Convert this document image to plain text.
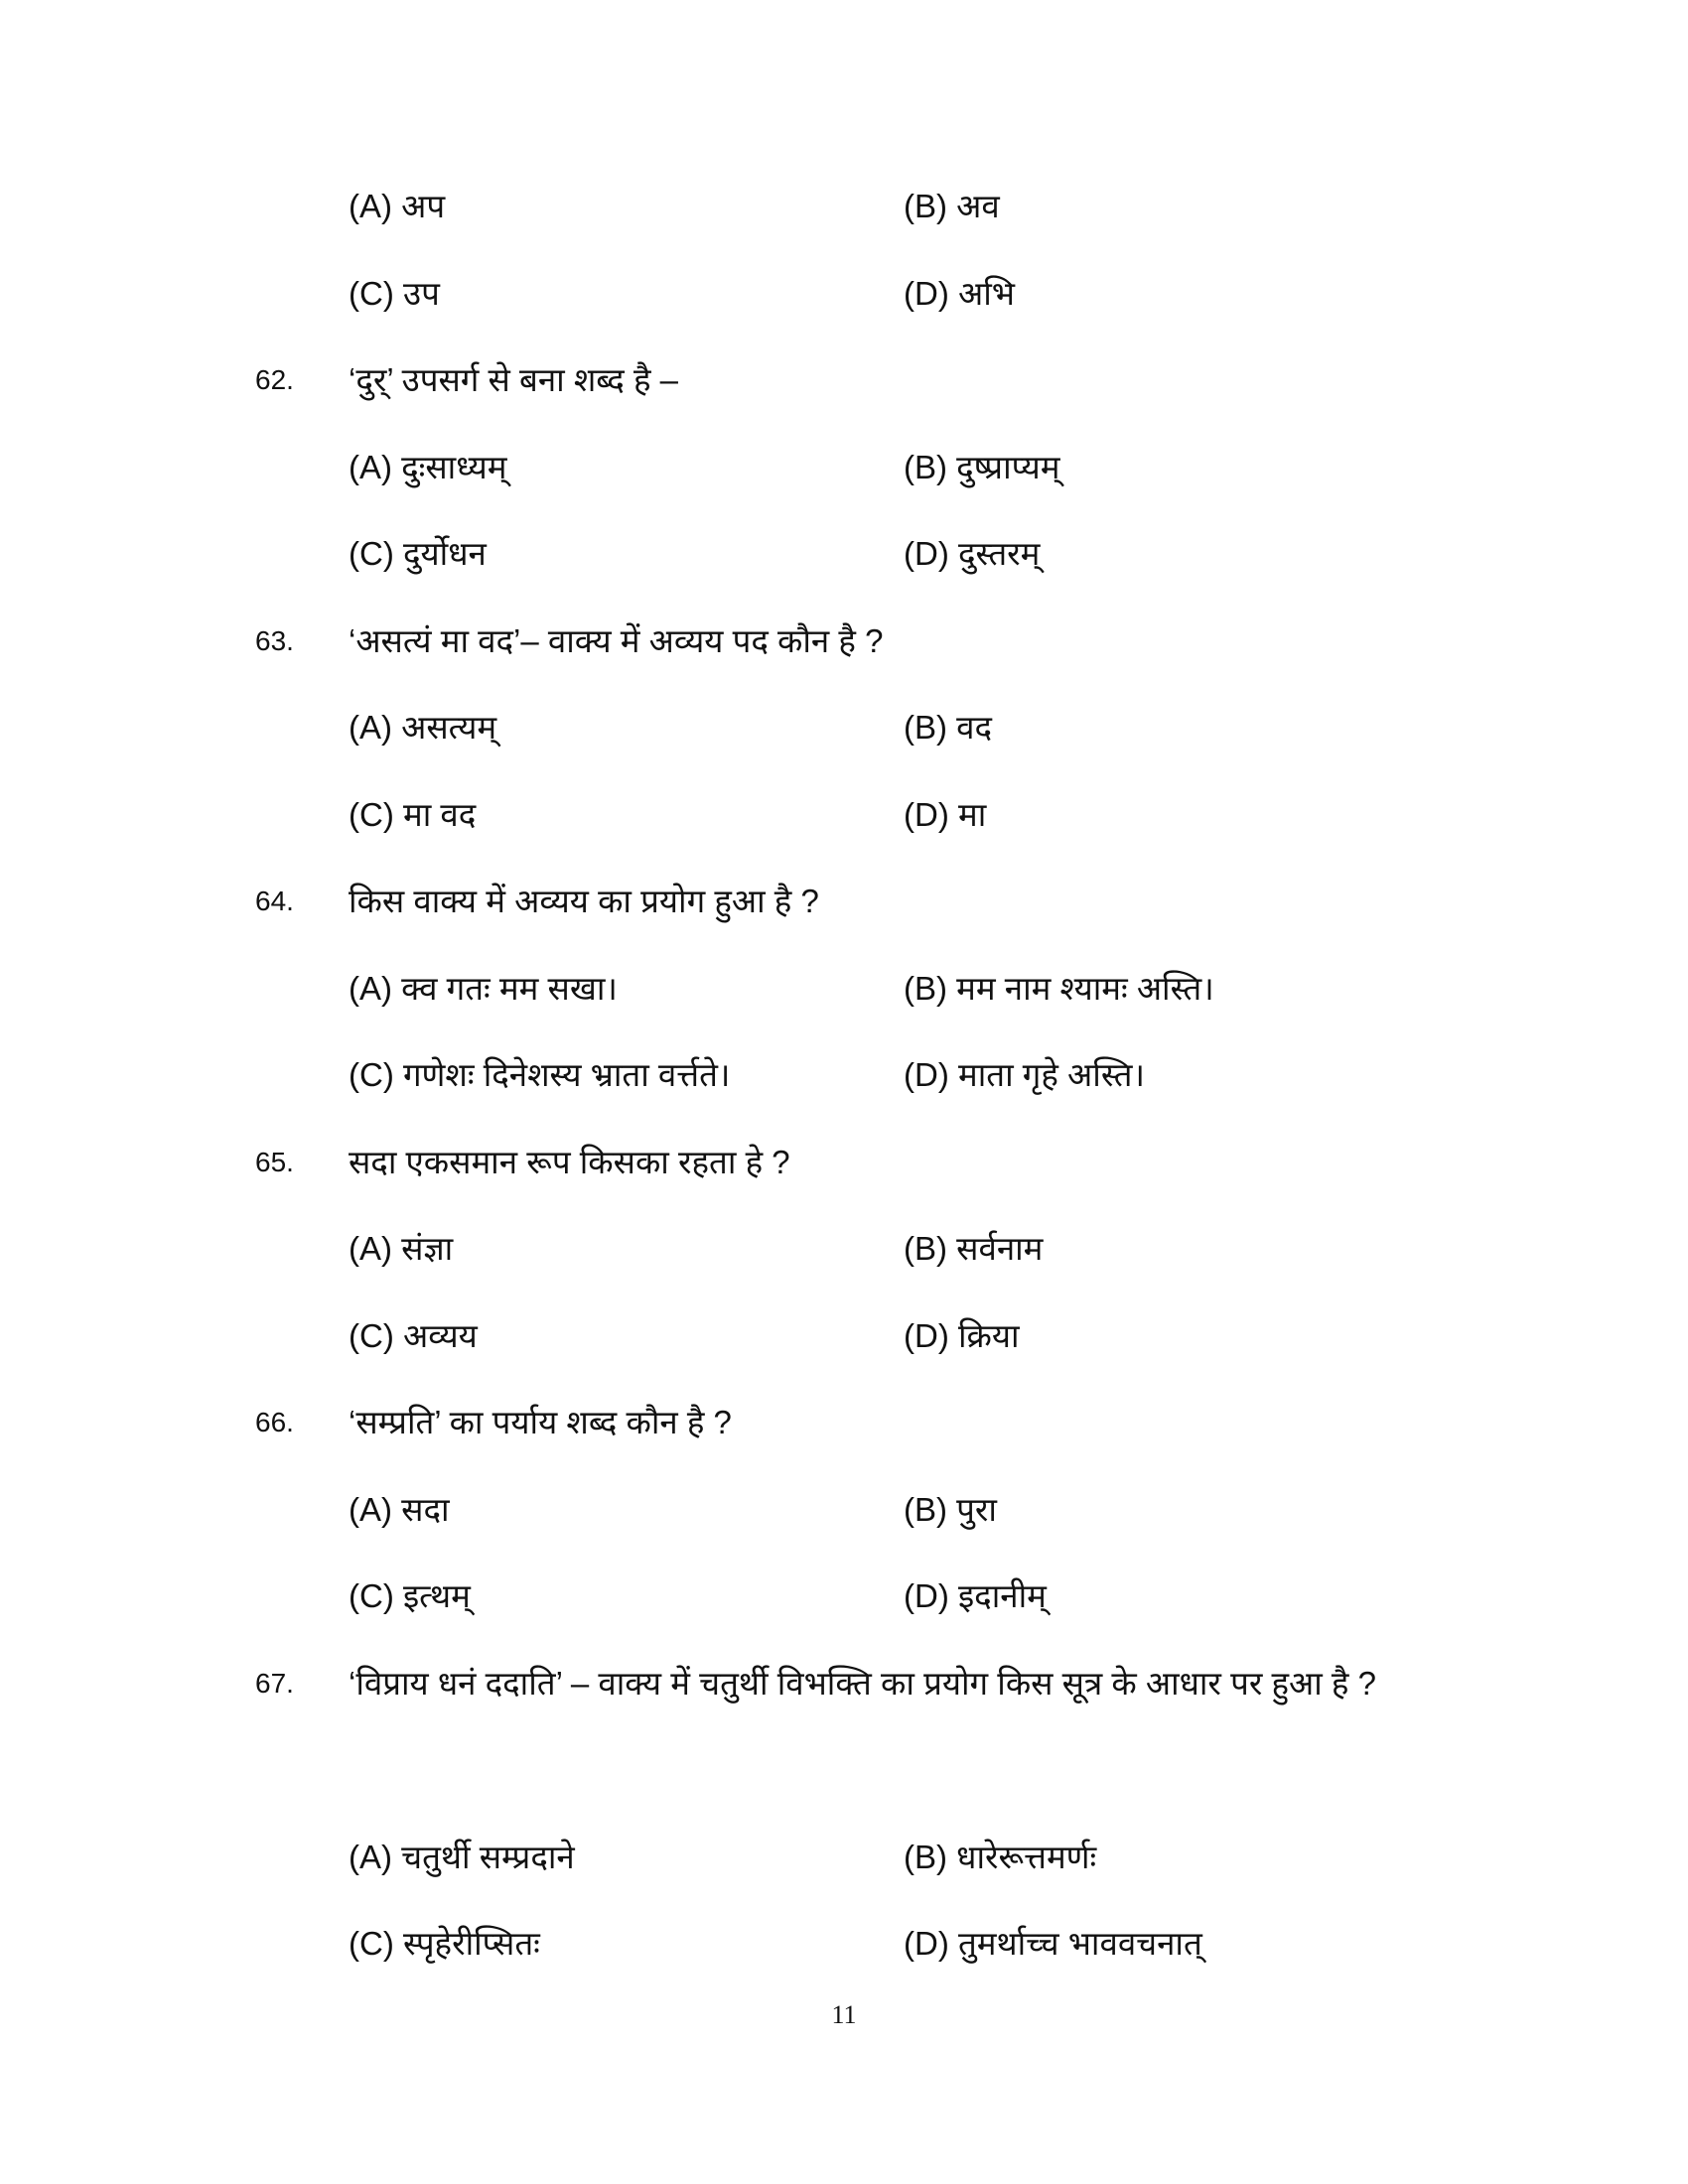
(A) अप	(B) अव
(C) उप	(D) अभि
62. ‘दुर्’ उपसर्ग से बना शब्द है –
(A) दुःसाध्यम्	(B) दुष्प्राप्यम्
(C) दुर्योधन	(D) दुस्तरम्
63. ‘असत्यं मा वद’– वाक्य में अव्यय पद कौन है ?
(A) असत्यम्	(B) वद
(C) मा वद	(D) मा
64. किस वाक्य में अव्यय का प्रयोग हुआ है ?
(A) क्व गतः मम सखा।	(B) मम नाम श्यामः अस्ति।
(C) गणेशः दिनेशस्य भ्राता वर्त्तते।	(D) माता गृहे अस्ति।
65. सदा एकसमान रूप किसका रहता हे ?
(A) संज्ञा	(B) सर्वनाम
(C) अव्यय	(D) क्रिया
66. ‘सम्प्रति’ का पर्याय शब्द कौन है ?
(A) सदा	(B) पुरा
(C) इत्थम्	(D) इदानीम्
67. ‘विप्राय धनं ददाति’ – वाक्य में चतुर्थी विभक्ति का प्रयोग किस सूत्र के आधार पर हुआ है ?
(A) चतुर्थी सम्प्रदाने	(B) धारेरूत्तमर्णः
(C) स्पृहेरीप्सितः	(D) तुमर्थाच्च भाववचनात्
11
